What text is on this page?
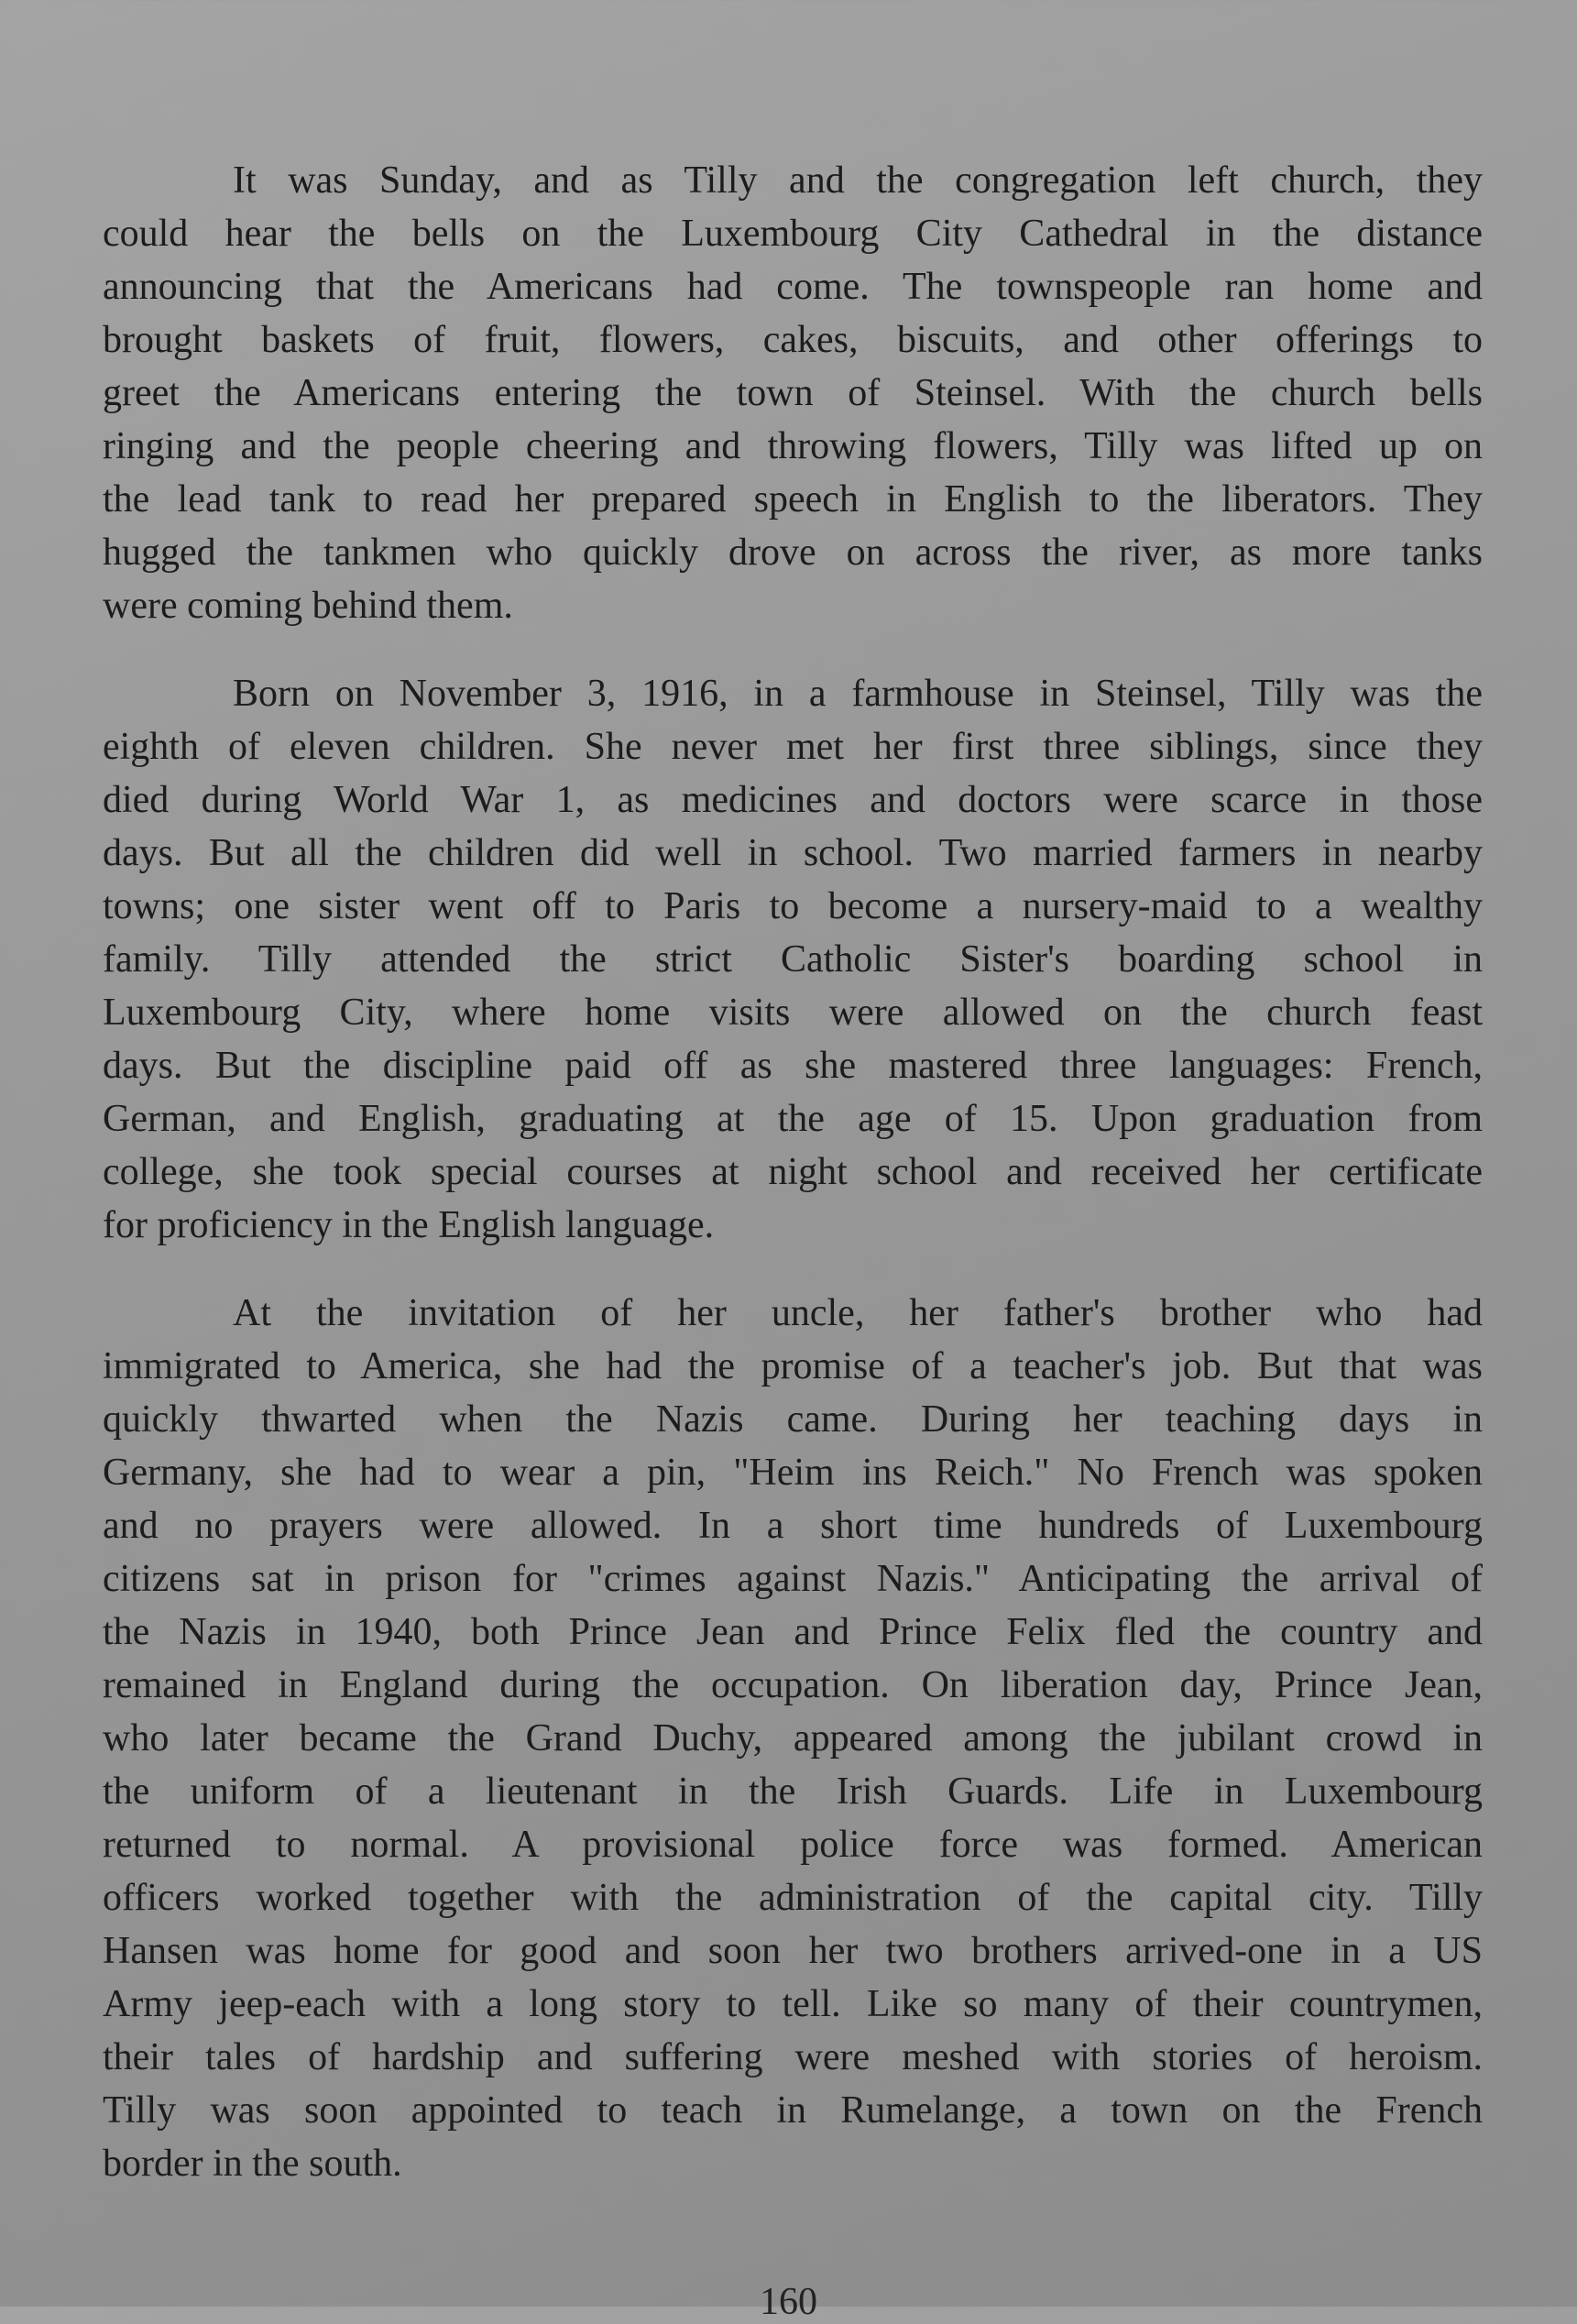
It was Sunday, and as Tilly and the congregation left church, they
could hear the bells on the Luxembourg City Cathedral in the distance
announcing that the Americans had come. The townspeople ran home and
brought baskets of fruit, flowers, cakes, biscuits, and other offerings to
greet the Americans entering the town of Steinsel. With the church bells
ringing and the people cheering and throwing flowers, Tilly was lifted up on
the lead tank to read her prepared speech in English to the liberators. They
hugged the tankmen who quickly drove on across the river, as more tanks
were coming behind them.
Born on November 3, 1916, in a farmhouse in Steinsel, Tilly was the
eighth of eleven children. She never met her first three siblings, since they
died during World War 1, as medicines and doctors were scarce in those
days. But all the children did well in school. Two married farmers in nearby
towns; one sister went off to Paris to become a nursery-maid to a wealthy
family. Tilly attended the strict Catholic Sister's boarding school in
Luxembourg City, where home visits were allowed on the church feast
days. But the discipline paid off as she mastered three languages: French,
German, and English, graduating at the age of 15. Upon graduation from
college, she took special courses at night school and received her certificate
for proficiency in the English language.
At the invitation of her uncle, her father's brother who had
immigrated to America, she had the promise of a teacher's job. But that was
quickly thwarted when the Nazis came. During her teaching days in
Germany, she had to wear a pin, "Heim ins Reich." No French was spoken
and no prayers were allowed. In a short time hundreds of Luxembourg
citizens sat in prison for "crimes against Nazis." Anticipating the arrival of
the Nazis in 1940, both Prince Jean and Prince Felix fled the country and
remained in England during the occupation. On liberation day, Prince Jean,
who later became the Grand Duchy, appeared among the jubilant crowd in
the uniform of a lieutenant in the Irish Guards. Life in Luxembourg
returned to normal. A provisional police force was formed. American
officers worked together with the administration of the capital city. Tilly
Hansen was home for good and soon her two brothers arrived-one in a US
Army jeep-each with a long story to tell. Like so many of their countrymen,
their tales of hardship and suffering were meshed with stories of heroism.
Tilly was soon appointed to teach in Rumelange, a town on the French
border in the south.
160
